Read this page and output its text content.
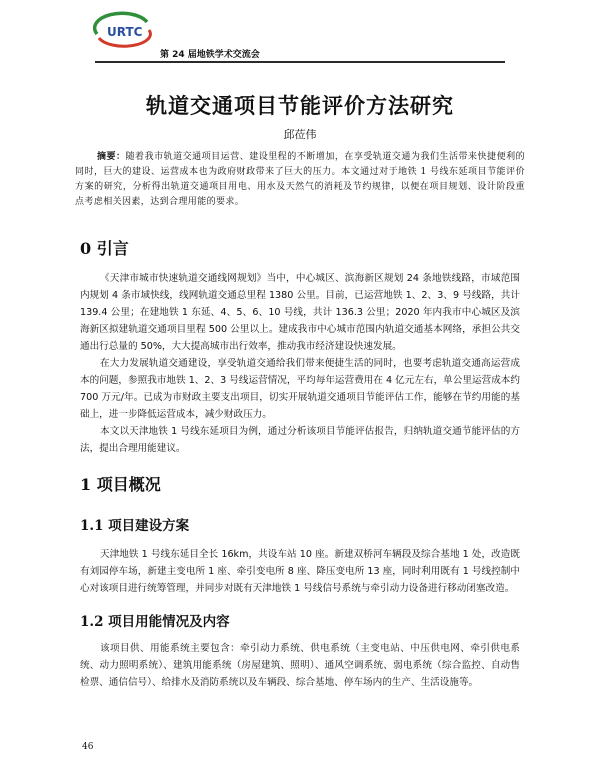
URTC
第 24 届地铁学术交流会
轨道交通项目节能评价方法研究
邱莅伟
摘要：随着我市轨道交通项目运营、建设里程的不断增加，在享受轨道交通为我们生活带来快捷便利的同时，巨大的建设、运营成本也为政府财政带来了巨大的压力。本文通过对于地铁 1 号线东延项目节能评价方案的研究，分析得出轨道交通项目用电、用水及天然气的消耗及节约规律，以便在项目规划、设计阶段重点考虑相关因素，达到合理用能的要求。
0 引言
《天津市城市快速轨道交通线网规划》当中，中心城区、滨海新区规划 24 条地铁线路，市域范围内规划 4 条市域快线，线网轨道交通总里程 1380 公里。目前，已运营地铁 1、2、3、9 号线路，共计 139.4 公里；在建地铁 1 东延、4、5、6、10 号线，共计 136.3 公里；2020 年内我市中心城区及滨海新区拟建轨道交通项目里程 500 公里以上。建成我市中心城市范围内轨道交通基本网络，承担公共交通出行总量的 50%，大大提高城市出行效率，推动我市经济建设快速发展。
在大力发展轨道交通建设，享受轨道交通给我们带来便捷生活的同时，也要考虑轨道交通高运营成本的问题，参照我市地铁 1、2、3 号线运营情况，平均每年运营费用在 4 亿元左右，单公里运营成本约 700 万元/年。已成为市财政主要支出项目，切实开展轨道交通项目节能评估工作，能够在节约用能的基础上，进一步降低运营成本，减少财政压力。
本文以天津地铁 1 号线东延项目为例，通过分析该项目节能评估报告，归纳轨道交通节能评估的方法，提出合理用能建议。
1 项目概况
1.1 项目建设方案
天津地铁 1 号线东延目全长 16km，共设车站 10 座。新建双桥河车辆段及综合基地 1 处，改造既有刘园停车场，新建主变电所 1 座、牵引变电所 8 座、降压变电所 13 座，同时利用既有 1 号线控制中心对该项目进行统筹管理，并同步对既有天津地铁 1 号线信号系统与牵引动力设备进行移动闭塞改造。
1.2 项目用能情况及内容
该项目供、用能系统主要包含：牵引动力系统、供电系统（主变电站、中压供电网、牵引供电系统、动力照明系统）、建筑用能系统（房屋建筑、照明）、通风空调系统、弱电系统（综合监控、自动售检票、通信信号）、给排水及消防系统以及车辆段、综合基地、停车场内的生产、生活设施等。
46
